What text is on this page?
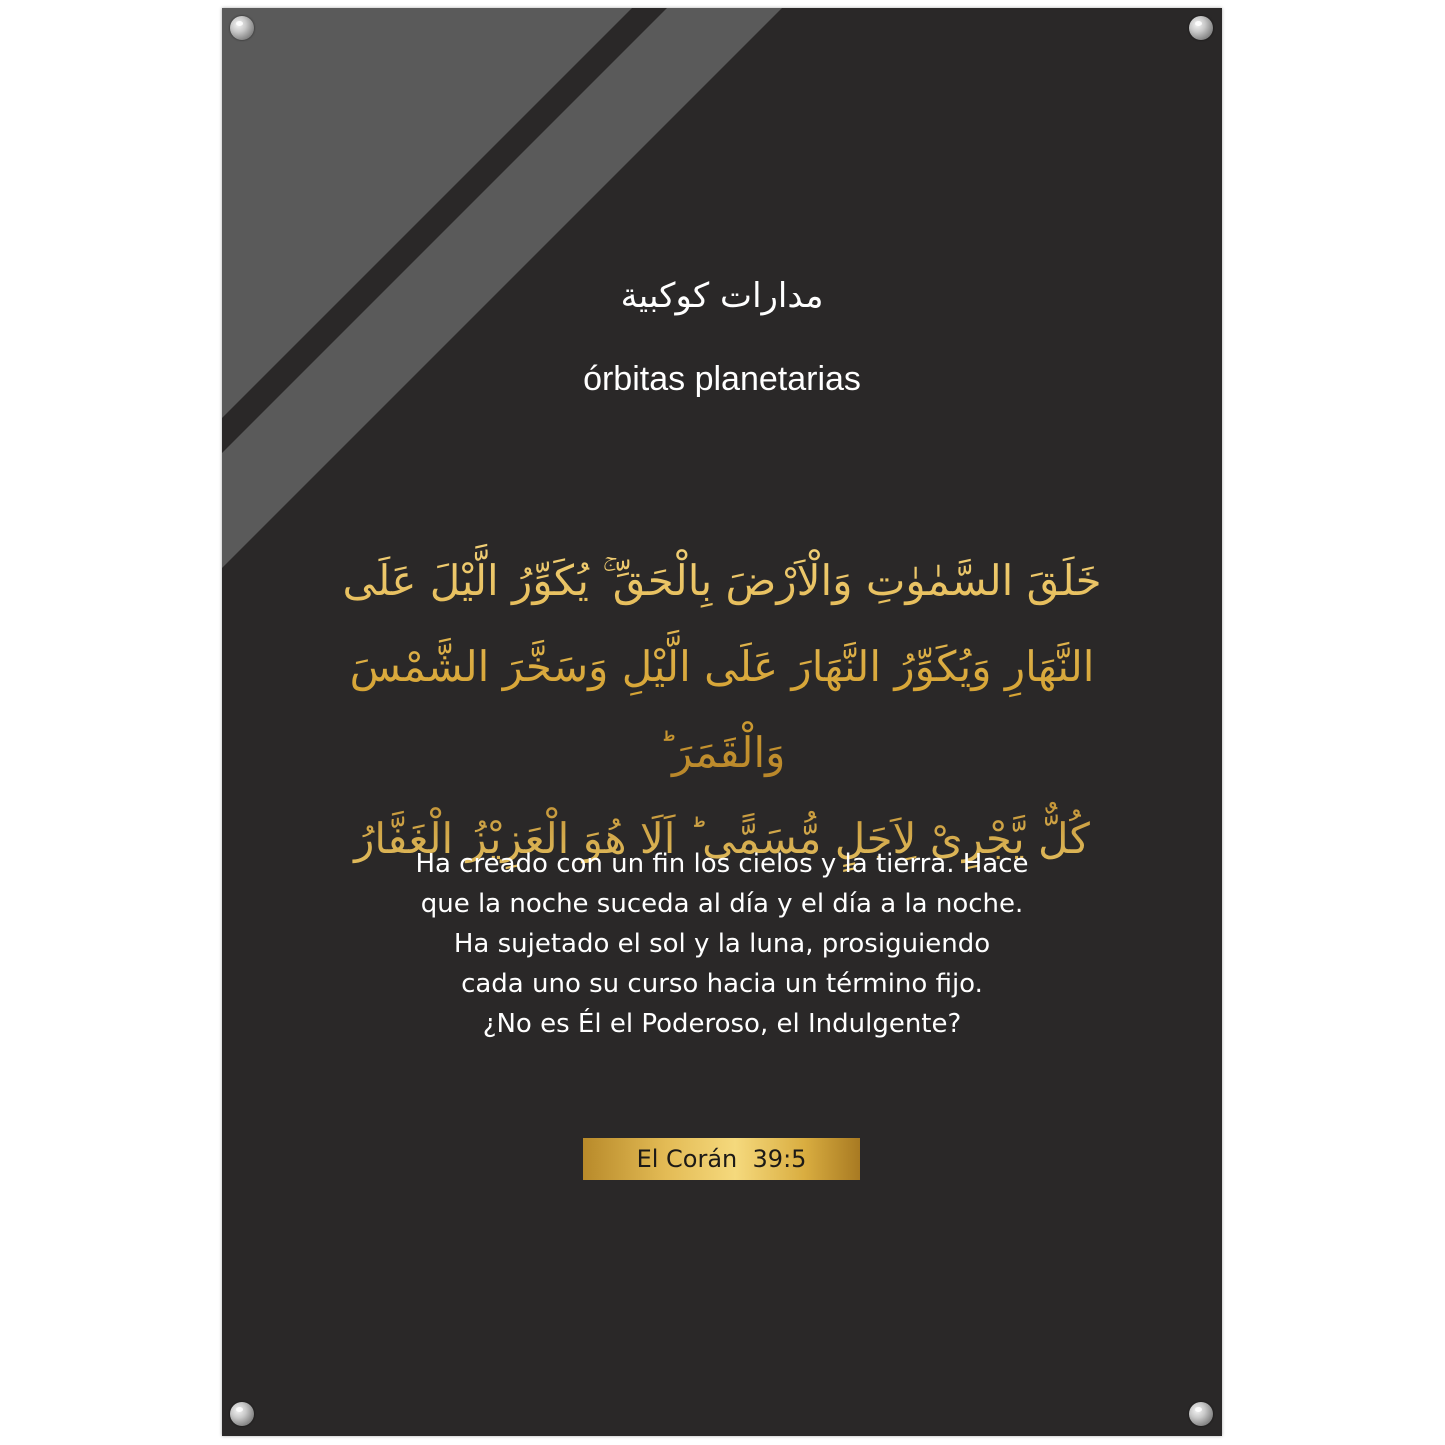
مدارات كوكبية
órbitas planetarias
خَلَقَ السَّمٰوٰتِ وَالْاَرْضَ بِالْحَقِّ ۚ يُكَوِّرُ الَّيْلَ عَلَى
النَّهَارِ وَيُكَوِّرُ النَّهَارَ عَلَى الَّيْلِ وَسَخَّرَ الشَّمْسَ وَالْقَمَرَ ؕ
كُلٌّ يَّجْرِىْ لِاَجَلٍ مُّسَمًّى ؕ اَلَا هُوَ الْعَزِيْزُ الْغَفَّارُ
Ha creado con un fin los cielos y la tierra. Hace
que la noche suceda al día y el día a la noche.
Ha sujetado el sol y la luna, prosiguiendo
cada uno su curso hacia un término fijo.
¿No es Él el Poderoso, el Indulgente?
El Corán  39:5
